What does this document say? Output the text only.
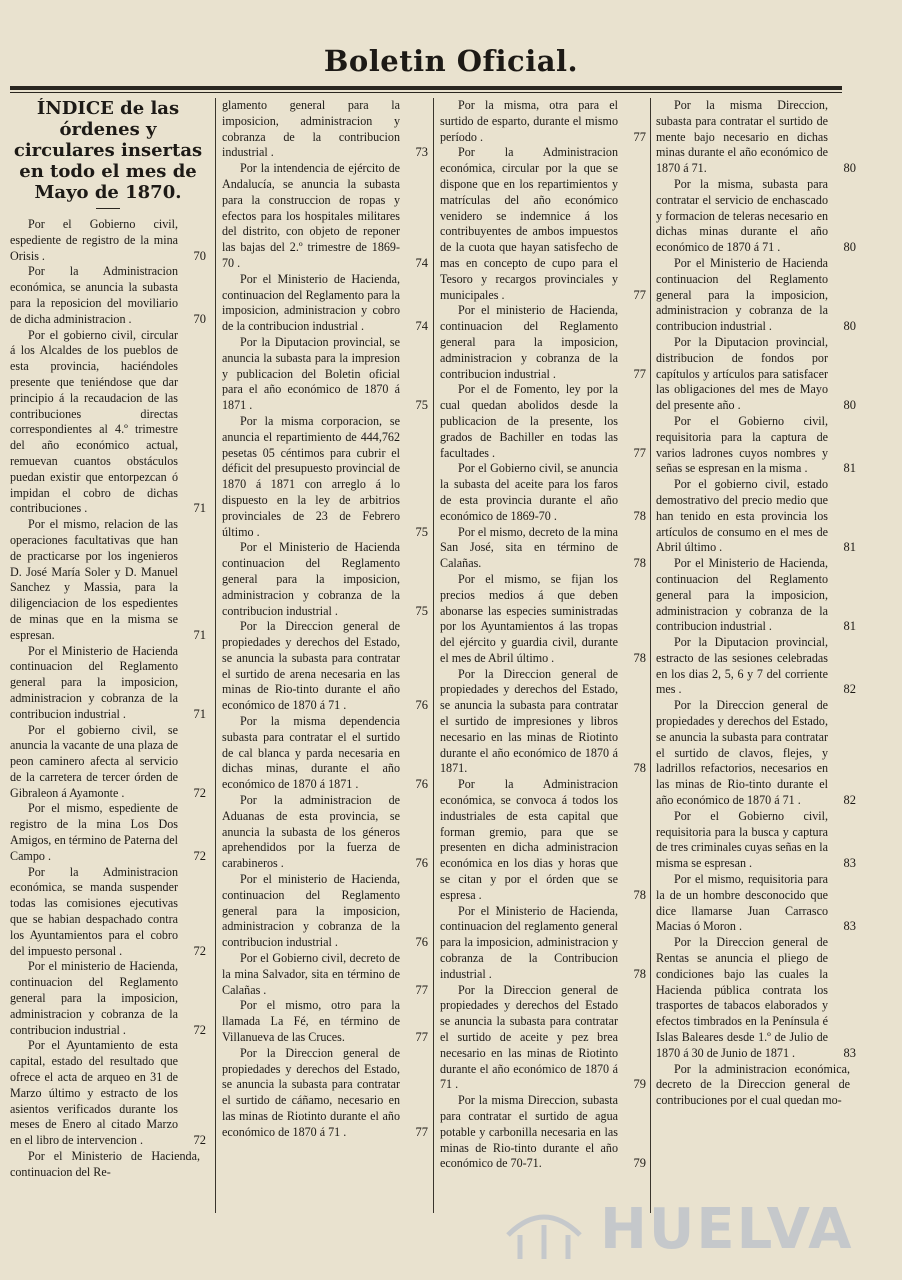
Boletin Oficial.
ÍNDICE de las órdenes y circulares insertas en todo el mes de Mayo de 1870.

Por el Gobierno civil, espediente de registro de la mina Orisis .	70

Por la Administracion económica, se anuncia la subasta para la reposicion del moviliario de dicha administracion .	70

Por el gobierno civil, circular á los Alcaldes de los pueblos de esta provincia, haciéndoles presente que teniéndose que dar principio á la recaudacion de las contribuciones directas correspondientes al 4.º trimestre del año económico actual, remuevan cuantos obstáculos puedan existir que entorpezcan ó impidan el cobro de dichas contribuciones .	71

Por el mismo, relacion de las operaciones facultativas que han de practicarse por los ingenieros D. José María Soler y D. Manuel Sanchez y Massia, para la diligenciacion de los espedientes de minas que en la misma se espresan.	71

Por el Ministerio de Hacienda continuacion del Reglamento general para la imposicion, administracion y cobranza de la contribucion industrial .	71

Por el gobierno civil, se anuncia la vacante de una plaza de peon caminero afecta al servicio de la carretera de tercer órden de Gibraleon á Ayamonte .	72

Por el mismo, espediente de registro de la mina Los Dos Amigos, en término de Paterna del Campo .	72

Por la Administracion económica, se manda suspender todas las comisiones ejecutivas que se habian despachado contra los Ayuntamientos para el cobro del impuesto personal .	72

Por el ministerio de Hacienda, continuacion del Reglamento general para la imposicion, administracion y cobranza de la contribucion industrial .	72

Por el Ayuntamiento de esta capital, estado del resultado que ofrece el acta de arqueo en 31 de Marzo último y estracto de los asientos verificados durante los meses de Enero al citado Marzo en el libro de intervencion .	72

Por el Ministerio de Hacienda, continuacion del Re-

glamento general para la imposicion, administracion y cobranza de la contribucion industrial .	73

Por la intendencia de ejército de Andalucía, se anuncia la subasta para la construccion de ropas y efectos para los hospitales militares del distrito, con objeto de reponer las bajas del 2.º trimestre de 1869-70 .	74

Por el Ministerio de Hacienda, continuacion del Reglamento para la imposicion, administracion y cobro de la contribucion industrial .	74

Por la Diputacion provincial, se anuncia la subasta para la impresion y publicacion del Boletin oficial para el año económico de 1870 á 1871 .	75

Por la misma corporacion, se anuncia el repartimiento de 444,762 pesetas 05 céntimos para cubrir el déficit del presupuesto provincial de 1870 á 1871 con arreglo á lo dispuesto en la ley de arbitrios provinciales de 23 de Febrero último .	75

Por el Ministerio de Hacienda continuacion del Reglamento general para la imposicion, administracion y cobranza de la contribucion industrial .	75

Por la Direccion general de propiedades y derechos del Estado, se anuncia la subasta para contratar el surtido de arena necesaria en las minas de Rio-tinto durante el año económico de 1870 á 71 .	76

Por la misma dependencia subasta para contratar el el surtido de cal blanca y parda necesaria en dichas minas, durante el año económico de 1870 á 1871 .	76

Por la administracion de Aduanas de esta provincia, se anuncia la subasta de los géneros aprehendidos por la fuerza de carabineros .	76

Por el ministerio de Hacienda, continuacion del Reglamento general para la imposicion, administracion y cobranza de la contribucion industrial .	76

Por el Gobierno civil, decreto de la mina Salvador, sita en término de Calañas .	77

Por el mismo, otro para la llamada La Fé, en término de Villanueva de las Cruces.	77

Por la Direccion general de propiedades y derechos del Estado, se anuncia la subasta para contratar el surtido de cáñamo, necesario en las minas de Riotinto durante el año económico de 1870 á 71 .	77

Por la misma, otra para el surtido de esparto, durante el mismo período .	77

Por la Administracion económica, circular por la que se dispone que en los repartimientos y matrículas del año económico venidero se indemnice á los contribuyentes de ambos impuestos de la cuota que hayan satisfecho de mas en concepto de cupo para el Tesoro y recargos provinciales y municipales .	77

Por el ministerio de Hacienda, continuacion del Reglamento general para la imposicion, administracion y cobranza de la contribucion industrial .	77

Por el de Fomento, ley por la cual quedan abolidos desde la publicacion de la presente, los grados de Bachiller en todas las facultades .	77

Por el Gobierno civil, se anuncia la subasta del aceite para los faros de esta provincia durante el año económico de 1869-70 .	78

Por el mismo, decreto de la mina San José, sita en término de Calañas.	78

Por el mismo, se fijan los precios medios á que deben abonarse las especies suministradas por los Ayuntamientos á las tropas del ejército y guardia civil, durante el mes de Abril último .	78

Por la Direccion general de propiedades y derechos del Estado, se anuncia la subasta para contratar el surtido de impresiones y libros necesario en las minas de Riotinto durante el año económico de 1870 á 1871.	78

Por la Administracion económica, se convoca á todos los industriales de esta capital que forman gremio, para que se presenten en dicha administracion económica en los dias y horas que se citan y por el órden que se espresa .	78

Por el Ministerio de Hacienda, continuacion del reglamento general para la imposicion, administracion y cobranza de la Contribucion industrial .	78

Por la Direccion general de propiedades y derechos del Estado se anuncia la subasta para contratar el surtido de aceite y pez brea necesario en las minas de Riotinto durante el año económico de 1870 á 71 .	79

Por la misma Direccion, subasta para contratar el surtido de agua potable y carbonilla necesaria en las minas de Rio-tinto durante el año económico de 70-71.	79

Por la misma Direccion, subasta para contratar el surtido de mente bajo necesario en dichas minas durante el año económico de 1870 á 71.	80

Por la misma, subasta para contratar el servicio de enchascado y formacion de teleras necesario en dichas minas durante el año económico de 1870 á 71 .	80

Por el Ministerio de Hacienda continuacion del Reglamento general para la imposicion, administracion y cobranza de la contribucion industrial .	80

Por la Diputacion provincial, distribucion de fondos por capítulos y artículos para satisfacer las obligaciones del mes de Mayo del presente año .	80

Por el Gobierno civil, requisitoria para la captura de varios ladrones cuyos nombres y señas se espresan en la misma .	81

Por el gobierno civil, estado demostrativo del precio medio que han tenido en esta provincia los artículos de consumo en el mes de Abril último .	81

Por el Ministerio de Hacienda, continuacion del Reglamento general para la imposicion, administracion y cobranza de la contribucion industrial .	81

Por la Diputacion provincial, estracto de las sesiones celebradas en los dias 2, 5, 6 y 7 del corriente mes .	82

Por la Direccion general de propiedades y derechos del Estado, se anuncia la subasta para contratar el surtido de clavos, flejes, y ladrillos refactorios, necesarios en las minas de Rio-tinto durante el año económico de 1870 á 71 .	82

Por el Gobierno civil, requisitoria para la busca y captura de tres criminales cuyas señas en la misma se espresan .	83

Por el mismo, requisitoria para la de un hombre desconocido que dice llamarse Juan Carrasco Macias ó Moron .	83

Por la Direccion general de Rentas se anuncia el pliego de condiciones bajo las cuales la Hacienda pública contrata los trasportes de tabacos elaborados y efectos timbrados en la Península é Islas Baleares desde 1.º de Julio de 1870 á 30 de Junio de 1871 .	83

Por la administracion económica, decreto de la Direccion general de contribuciones por el cual quedan mo-

HUELVA
